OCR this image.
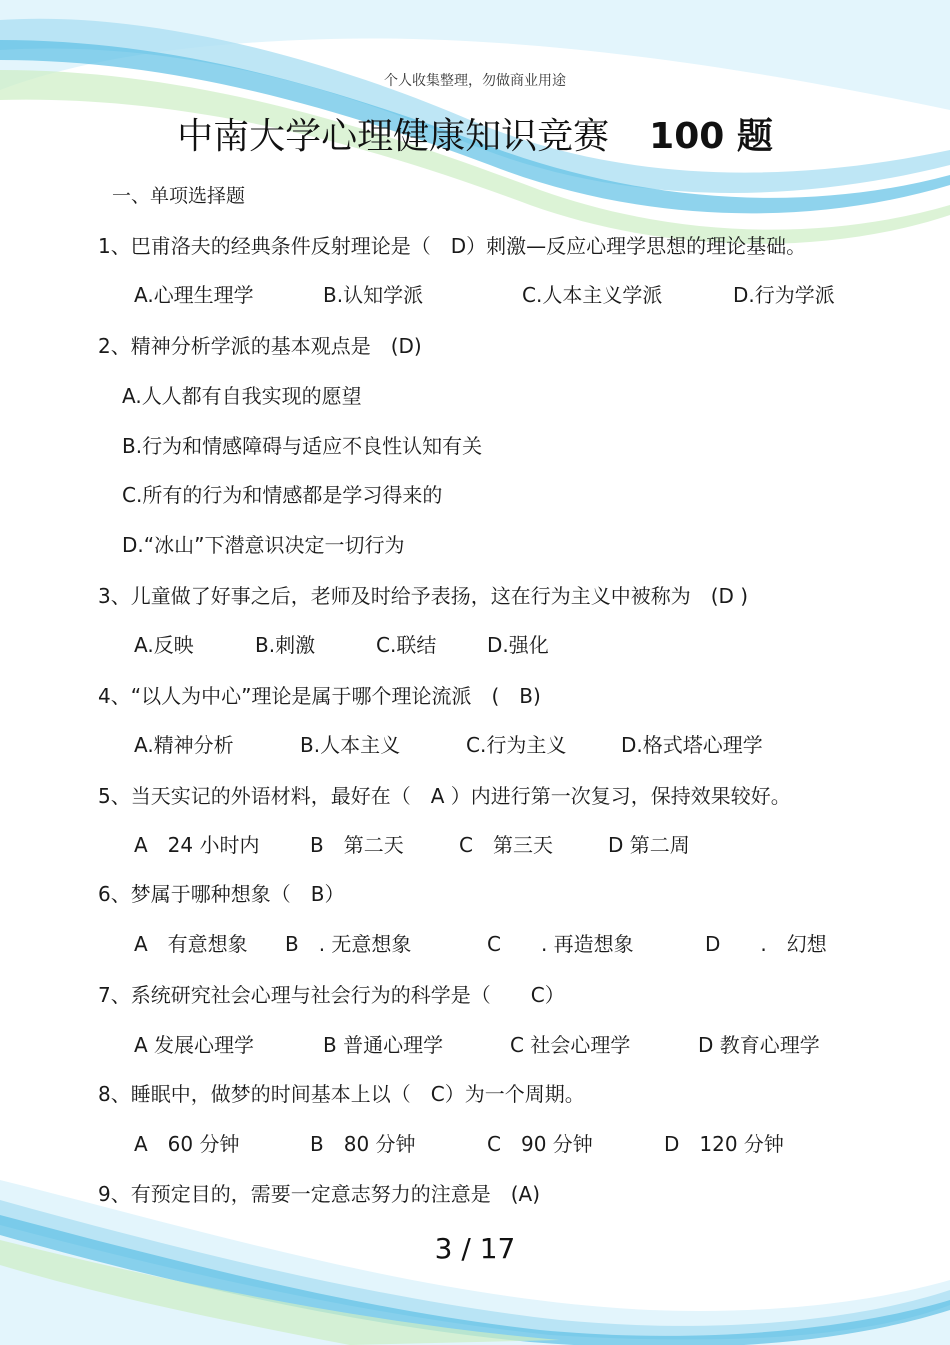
个人收集整理，勿做商业用途
中南大学心理健康知识竞赛 100 题
一、单项选择题
1、巴甫洛夫的经典条件反射理论是（　D）刺激—反应心理学思想的理论基础。
A.心理生理学	B.认知学派	C.人本主义学派	D.行为学派
2、精神分析学派的基本观点是　(D)
A.人人都有自我实现的愿望
B.行为和情感障碍与适应不良性认知有关
C.所有的行为和情感都是学习得来的
D.“冰山”下潜意识决定一切行为
3、儿童做了好事之后，老师及时给予表扬，这在行为主义中被称为　(D )
A.反映	B.刺激	C.联结	D.强化
4、“以人为中心”理论是属于哪个理论流派　(　B)
A.精神分析	B.人本主义	C.行为主义	D.格式塔心理学
5、当天实记的外语材料，最好在（　A ）内进行第一次复习，保持效果较好。
A　24 小时内	B　第二天	C　第三天	D 第二周
6、梦属于哪种想象（　B）
A　有意想象 B　. 无意想象	C　　. 再造想象	D　　.　幻想
7、系统研究社会心理与社会行为的科学是（　　C）
A 发展心理学	B 普通心理学	C 社会心理学	D 教育心理学
8、睡眠中，做梦的时间基本上以（　C）为一个周期。
A　60 分钟	B　80 分钟	C　90 分钟	D　120 分钟
9、有预定目的，需要一定意志努力的注意是　(A)
3 / 17
